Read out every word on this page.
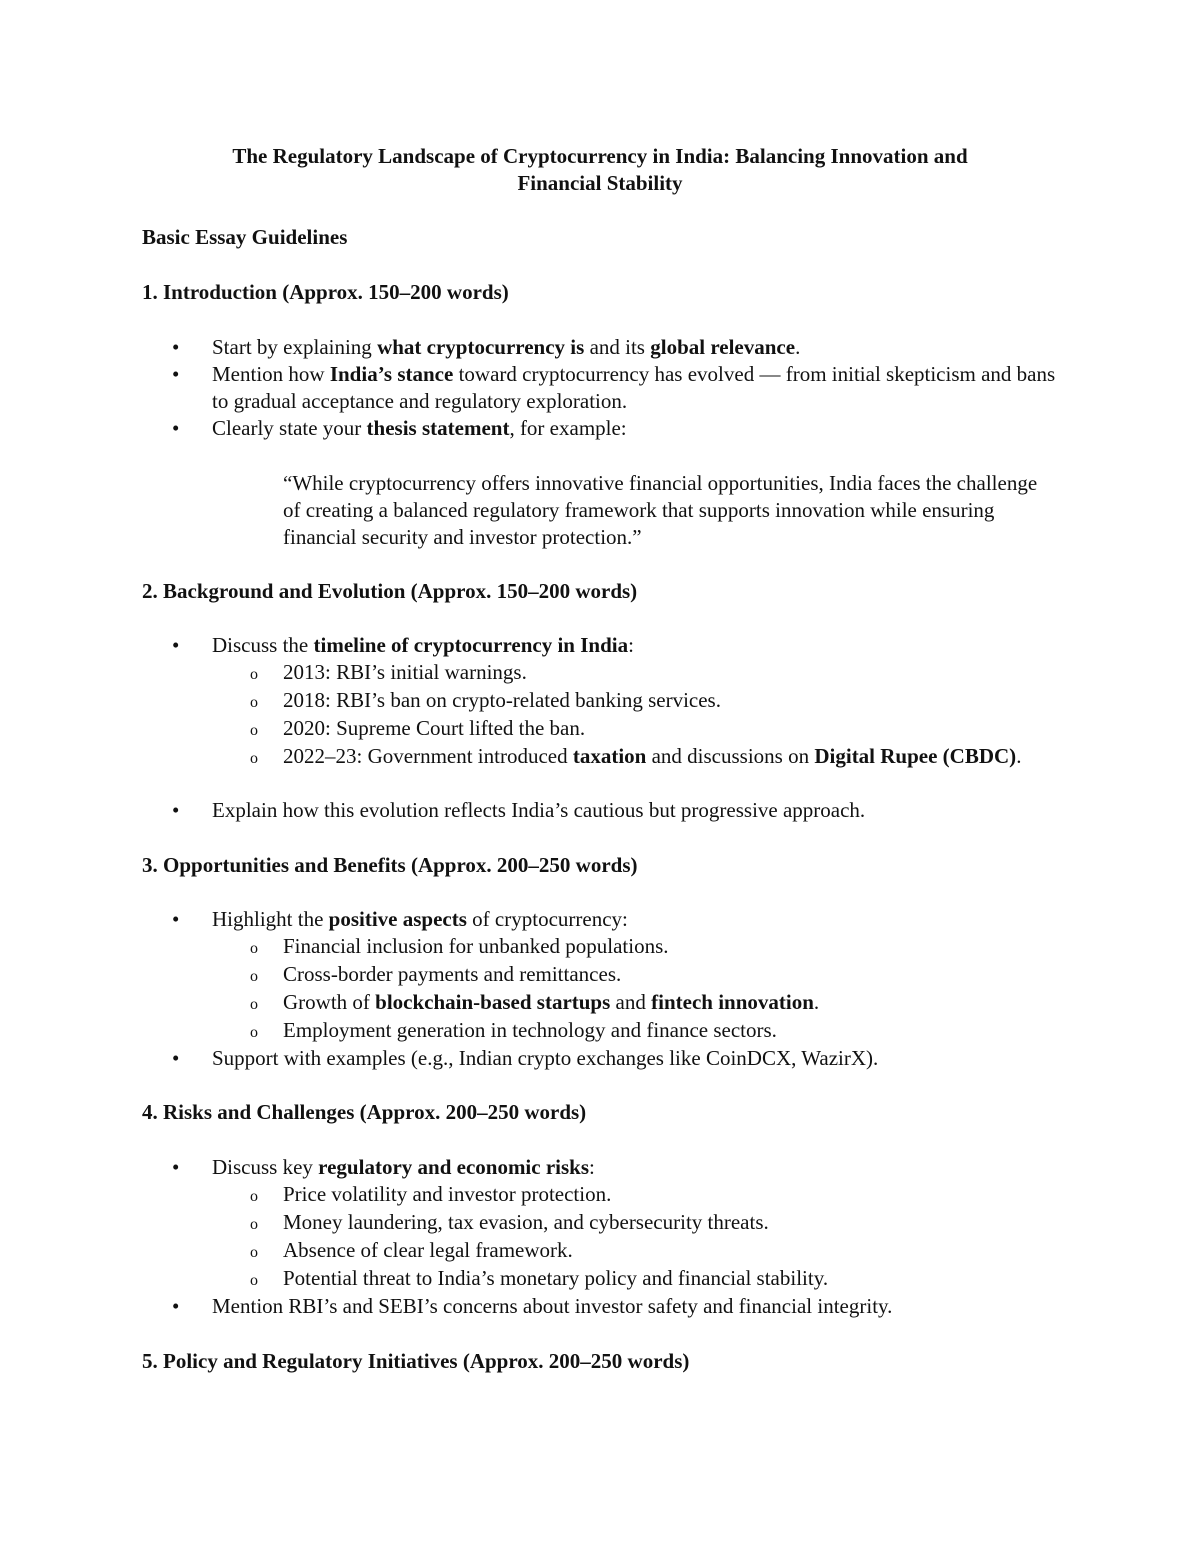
The Regulatory Landscape of Cryptocurrency in India: Balancing Innovation and
Financial Stability
Basic Essay Guidelines
1. Introduction (Approx. 150–200 words)
• Start by explaining what cryptocurrency is and its global relevance.
• Mention how India’s stance toward cryptocurrency has evolved — from initial skepticism and bans to gradual acceptance and regulatory exploration.
• Clearly state your thesis statement, for example:
“While cryptocurrency offers innovative financial opportunities, India faces the challenge of creating a balanced regulatory framework that supports innovation while ensuring financial security and investor protection.”
2. Background and Evolution (Approx. 150–200 words)
• Discuss the timeline of cryptocurrency in India:
o 2013: RBI’s initial warnings.
o 2018: RBI’s ban on crypto-related banking services.
o 2020: Supreme Court lifted the ban.
o 2022–23: Government introduced taxation and discussions on Digital Rupee (CBDC).
• Explain how this evolution reflects India’s cautious but progressive approach.
3. Opportunities and Benefits (Approx. 200–250 words)
• Highlight the positive aspects of cryptocurrency:
o Financial inclusion for unbanked populations.
o Cross-border payments and remittances.
o Growth of blockchain-based startups and fintech innovation.
o Employment generation in technology and finance sectors.
• Support with examples (e.g., Indian crypto exchanges like CoinDCX, WazirX).
4. Risks and Challenges (Approx. 200–250 words)
• Discuss key regulatory and economic risks:
o Price volatility and investor protection.
o Money laundering, tax evasion, and cybersecurity threats.
o Absence of clear legal framework.
o Potential threat to India’s monetary policy and financial stability.
• Mention RBI’s and SEBI’s concerns about investor safety and financial integrity.
5. Policy and Regulatory Initiatives (Approx. 200–250 words)
